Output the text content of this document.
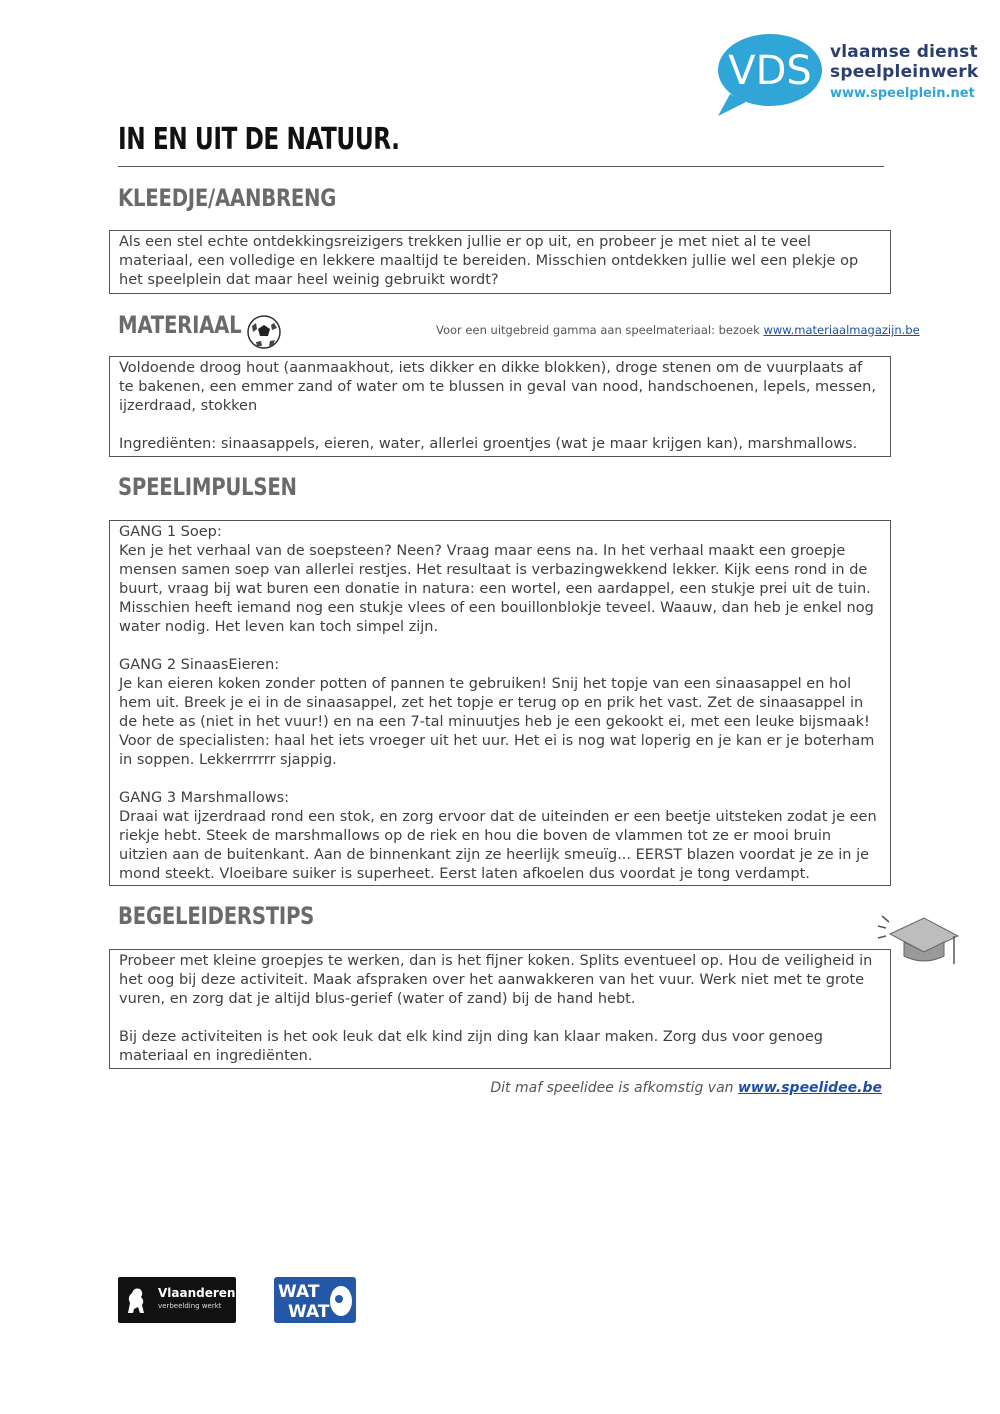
VDS vlaamse dienst
speelpleinwerk
www.speelplein.net
IN EN UIT DE NATUUR.
KLEEDJE/AANBRENG

Als een stel echte ontdekkingsreizigers trekken jullie er op uit, en probeer je met niet al te veel materiaal, een volledige en lekkere maaltijd te bereiden. Misschien ontdekken jullie wel een plekje op het speelplein dat maar heel weinig gebruikt wordt?

MATERIAAL	Voor een uitgebreid gamma aan speelmateriaal: bezoek www.materiaalmagazijn.be

Voldoende droog hout (aanmaakhout, iets dikker en dikke blokken), droge stenen om de vuurplaats af te bakenen, een emmer zand of water om te blussen in geval van nood, handschoenen, lepels, messen, ijzerdraad, stokken

Ingrediënten: sinaasappels, eieren, water, allerlei groentjes (wat je maar krijgen kan), marshmallows.

SPEELIMPULSEN

GANG 1 Soep:

Ken je het verhaal van de soepsteen? Neen? Vraag maar eens na. In het verhaal maakt een groepje mensen samen soep van allerlei restjes. Het resultaat is verbazingwekkend lekker. Kijk eens rond in de buurt, vraag bij wat buren een donatie in natura: een wortel, een aardappel, een stukje prei uit de tuin. Misschien heeft iemand nog een stukje vlees of een bouillonblokje teveel. Waauw, dan heb je enkel nog water nodig. Het leven kan toch simpel zijn.

GANG 2 SinaasEieren:

Je kan eieren koken zonder potten of pannen te gebruiken! Snij het topje van een sinaasappel en hol hem uit. Breek je ei in de sinaasappel, zet het topje er terug op en prik het vast. Zet de sinaasappel in de hete as (niet in het vuur!) en na een 7-tal minuutjes heb je een gekookt ei, met een leuke bijsmaak! Voor de specialisten: haal het iets vroeger uit het uur. Het ei is nog wat loperig en je kan er je boterham in soppen. Lekkerrrrrr sjappig.

GANG 3 Marshmallows:

Draai wat ijzerdraad rond een stok, en zorg ervoor dat de uiteinden er een beetje uitsteken zodat je een riekje hebt. Steek de marshmallows op de riek en hou die boven de vlammen tot ze er mooi bruin uitzien aan de buitenkant. Aan de binnenkant zijn ze heerlijk smeuïg... EERST blazen voordat je ze in je mond steekt. Vloeibare suiker is superheet. Eerst laten afkoelen dus voordat je tong verdampt.

BEGELEIDERSTIPS

Probeer met kleine groepjes te werken, dan is het fijner koken. Splits eventueel op. Hou de veiligheid in het oog bij deze activiteit. Maak afspraken over het aanwakkeren van het vuur. Werk niet met te grote vuren, en zorg dat je altijd blus-gerief (water of zand) bij de hand hebt.

Bij deze activiteiten is het ook leuk dat elk kind zijn ding kan klaar maken. Zorg dus voor genoeg materiaal en ingrediënten.

Dit maf speelidee is afkomstig van www.speelidee.be
Vlaanderen
verbeelding werkt
WAT
WAT
